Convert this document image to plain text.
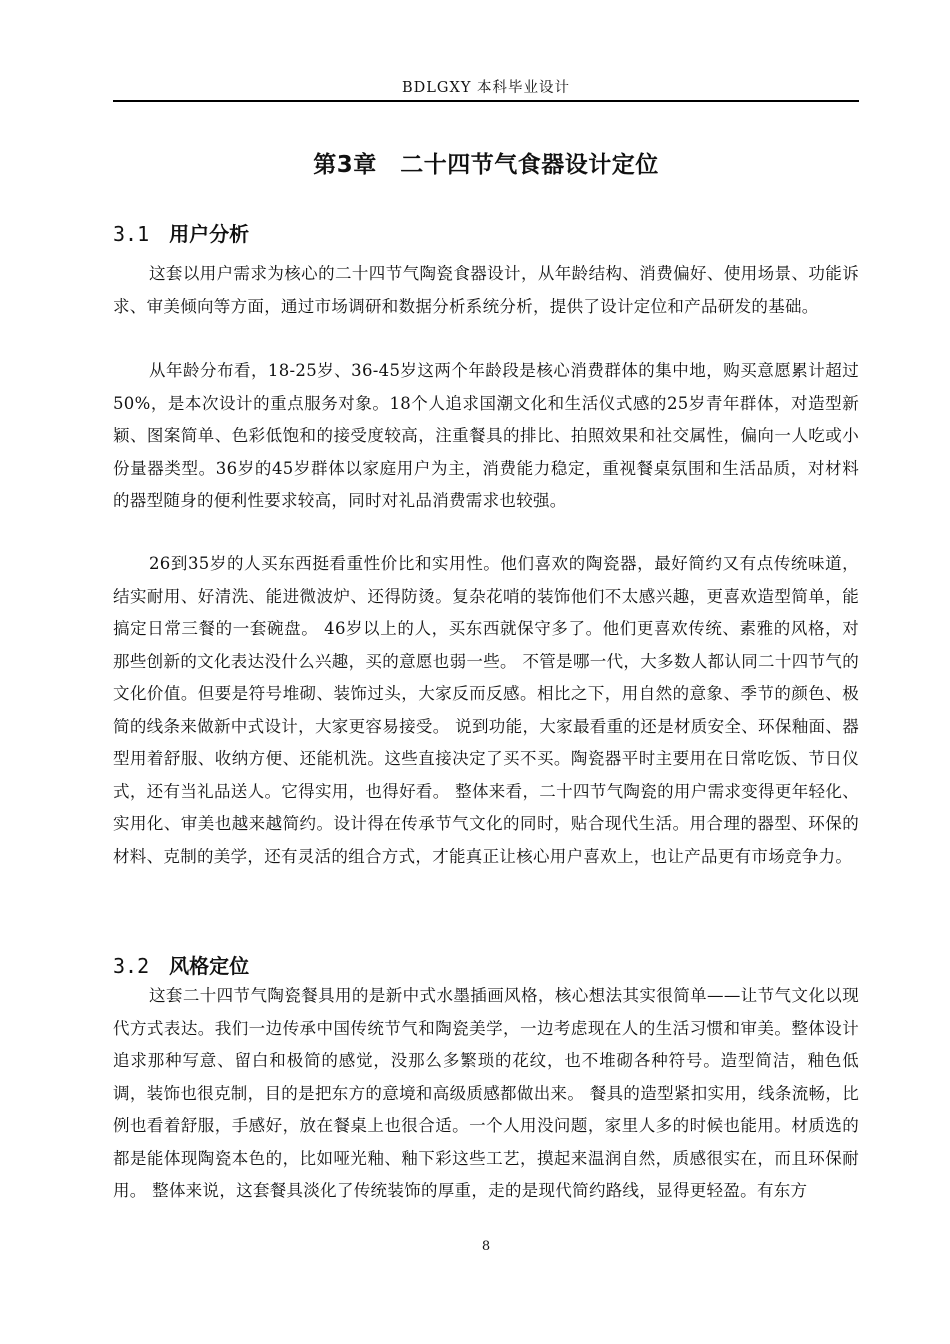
BDLGXY 本科毕业设计
第3章　二十四节气食器设计定位
3.1 用户分析

这套以用户需求为核心的二十四节气陶瓷食器设计，从年龄结构、消费偏好、使用场景、功能诉求、审美倾向等方面，通过市场调研和数据分析系统分析，提供了设计定位和产品研发的基础。

从年龄分布看，18-25岁、36-45岁这两个年龄段是核心消费群体的集中地，购买意愿累计超过50%，是本次设计的重点服务对象。18个人追求国潮文化和生活仪式感的25岁青年群体，对造型新颖、图案简单、色彩低饱和的接受度较高，注重餐具的排比、拍照效果和社交属性，偏向一人吃或小份量器类型。36岁的45岁群体以家庭用户为主，消费能力稳定，重视餐桌氛围和生活品质，对材料的器型随身的便利性要求较高，同时对礼品消费需求也较强。

26到35岁的人买东西挺看重性价比和实用性。他们喜欢的陶瓷器，最好简约又有点传统味道，结实耐用、好清洗、能进微波炉、还得防烫。复杂花哨的装饰他们不太感兴趣，更喜欢造型简单，能搞定日常三餐的一套碗盘。 46岁以上的人，买东西就保守多了。他们更喜欢传统、素雅的风格，对那些创新的文化表达没什么兴趣，买的意愿也弱一些。 不管是哪一代，大多数人都认同二十四节气的文化价值。但要是符号堆砌、装饰过头，大家反而反感。相比之下，用自然的意象、季节的颜色、极简的线条来做新中式设计，大家更容易接受。 说到功能，大家最看重的还是材质安全、环保釉面、器型用着舒服、收纳方便、还能机洗。这些直接决定了买不买。陶瓷器平时主要用在日常吃饭、节日仪式，还有当礼品送人。它得实用，也得好看。 整体来看，二十四节气陶瓷的用户需求变得更年轻化、实用化、审美也越来越简约。设计得在传承节气文化的同时，贴合现代生活。用合理的器型、环保的材料、克制的美学，还有灵活的组合方式，才能真正让核心用户喜欢上，也让产品更有市场竞争力。

3.2 风格定位

这套二十四节气陶瓷餐具用的是新中式水墨插画风格，核心想法其实很简单——让节气文化以现代方式表达。我们一边传承中国传统节气和陶瓷美学，一边考虑现在人的生活习惯和审美。整体设计追求那种写意、留白和极简的感觉，没那么多繁琐的花纹，也不堆砌各种符号。造型简洁，釉色低调，装饰也很克制，目的是把东方的意境和高级质感都做出来。 餐具的造型紧扣实用，线条流畅，比例也看着舒服，手感好，放在餐桌上也很合适。一个人用没问题，家里人多的时候也能用。材质选的都是能体现陶瓷本色的，比如哑光釉、釉下彩这些工艺，摸起来温润自然，质感很实在，而且环保耐用。 整体来说，这套餐具淡化了传统装饰的厚重，走的是现代简约路线，显得更轻盈。有东方

8
